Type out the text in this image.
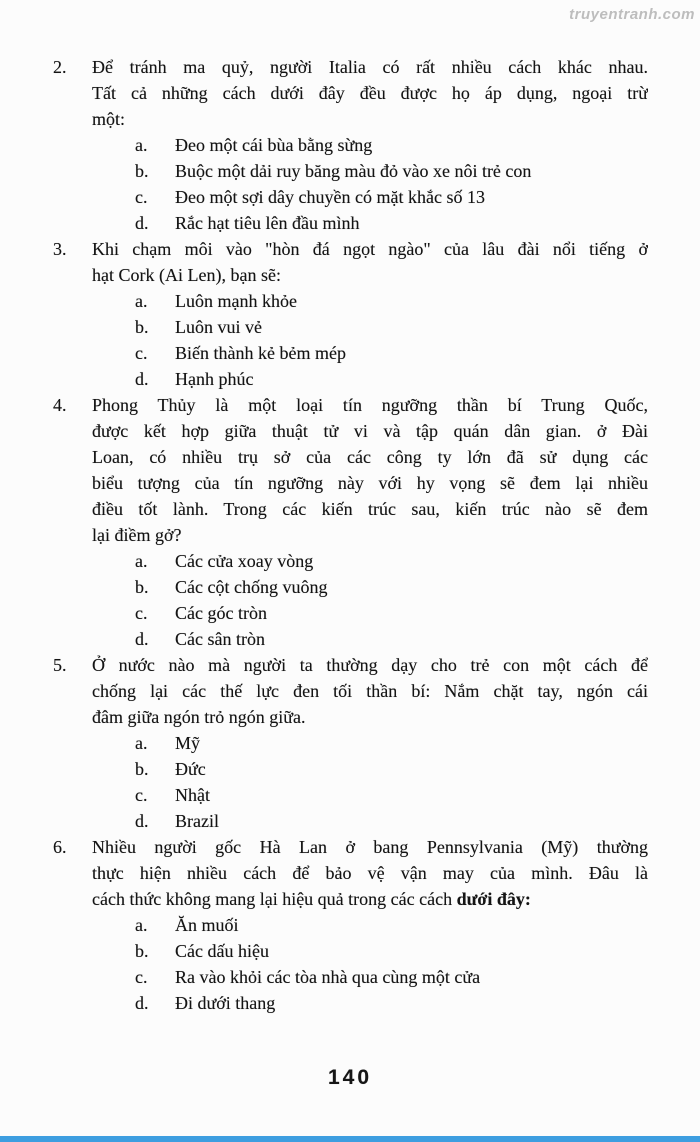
truyentranh.com
2.	Để tránh ma quỷ, người Italia có rất nhiều cách khác nhau.
Tất cả những cách dưới đây đều được họ áp dụng, ngoại trừ
một:
a.	Đeo một cái bùa bằng sừng
b.	Buộc một dải ruy băng màu đỏ vào xe nôi trẻ con
c.	Đeo một sợi dây chuyền có mặt khắc số 13
d.	Rắc hạt tiêu lên đầu mình
3.	Khi chạm môi vào "hòn đá ngọt ngào" của lâu đài nổi tiếng ở
hạt Cork (Ai Len), bạn sẽ:
a.	Luôn mạnh khỏe
b.	Luôn vui vẻ
c.	Biến thành kẻ bẻm mép
d.	Hạnh phúc
4.	Phong Thủy là một loại tín ngưỡng thần bí Trung Quốc,
được kết hợp giữa thuật tử vi và tập quán dân gian. ở Đài
Loan, có nhiều trụ sở của các công ty lớn đã sử dụng các
biểu tượng của tín ngưỡng này với hy vọng sẽ đem lại nhiều
điều tốt lành. Trong các kiến trúc sau, kiến trúc nào sẽ đem
lại điềm gở?
a.	Các cửa xoay vòng
b.	Các cột chống vuông
c.	Các góc tròn
d.	Các sân tròn
5.	Ở nước nào mà người ta thường dạy cho trẻ con một cách để
chống lại các thế lực đen tối thần bí: Nắm chặt tay, ngón cái
đâm giữa ngón trỏ ngón giữa.
a.	Mỹ
b.	Đức
c.	Nhật
d.	Brazil
6.	Nhiều người gốc Hà Lan ở bang Pennsylvania (Mỹ) thường
thực hiện nhiều cách để bảo vệ vận may của mình. Đâu là
cách thức không mang lại hiệu quả trong các cách dưới đây:
a.	Ăn muối
b.	Các dấu hiệu
c.	Ra vào khỏi các tòa nhà qua cùng một cửa
d.	Đi dưới thang
140
